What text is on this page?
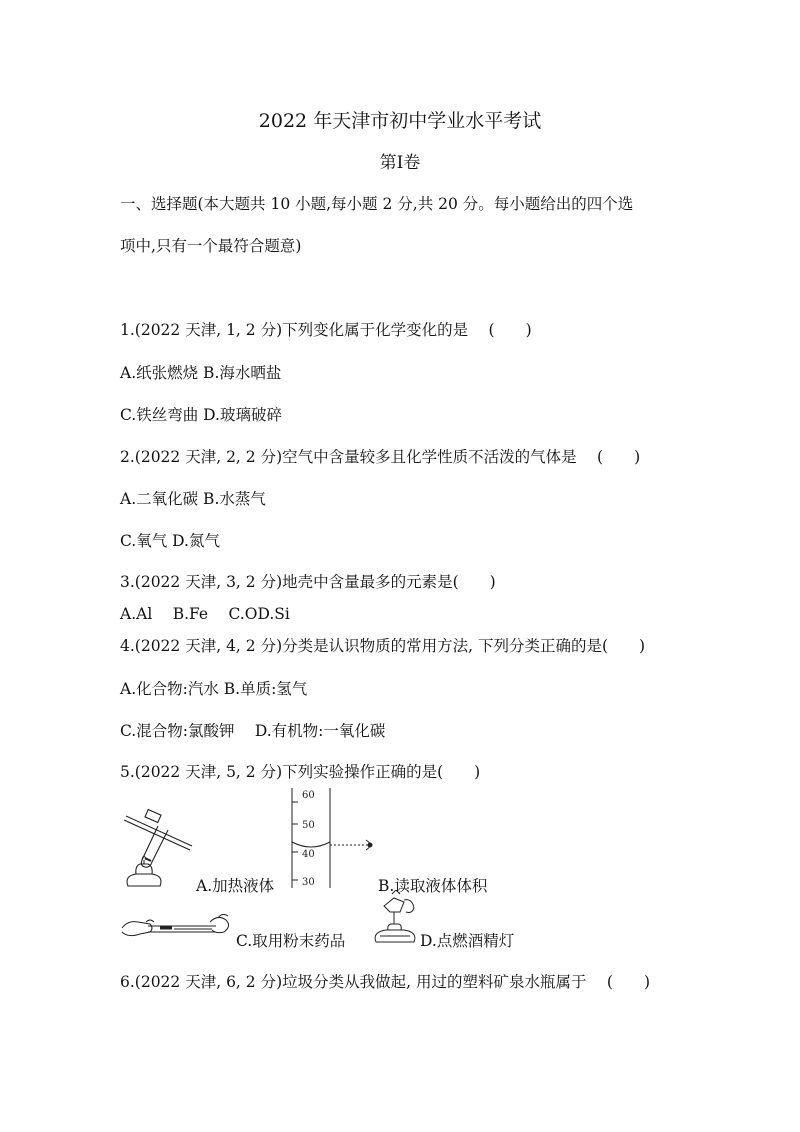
2022 年天津市初中学业水平考试
第Ⅰ卷
一、选择题(本大题共 10 小题,每小题 2 分,共 20 分。每小题给出的四个选
项中,只有一个最符合题意)
1.(2022 天津, 1, 2 分)下列变化属于化学变化的是　 (　　)
A.纸张燃烧 B.海水晒盐
C.铁丝弯曲 D.玻璃破碎
2.(2022 天津, 2, 2 分)空气中含量较多且化学性质不活泼的气体是　 (　　)
A.二氧化碳 B.水蒸气
C.氧气 D.氮气
3.(2022 天津, 3, 2 分)地壳中含量最多的元素是(　　)
A.Al　 B.Fe　 C.OD.Si
4.(2022 天津, 4, 2 分)分类是认识物质的常用方法, 下列分类正确的是(　　)
A.化合物:汽水 B.单质:氢气
C.混合物:氯酸钾　 D.有机物:一氧化碳
5.(2022 天津, 5, 2 分)下列实验操作正确的是(　　)
A.加热液体
60
50
40
30	B.读取液体体积
C.取用粉末药品	D.点燃酒精灯
6.(2022 天津, 6, 2 分)垃圾分类从我做起, 用过的塑料矿泉水瓶属于　 (　　)
